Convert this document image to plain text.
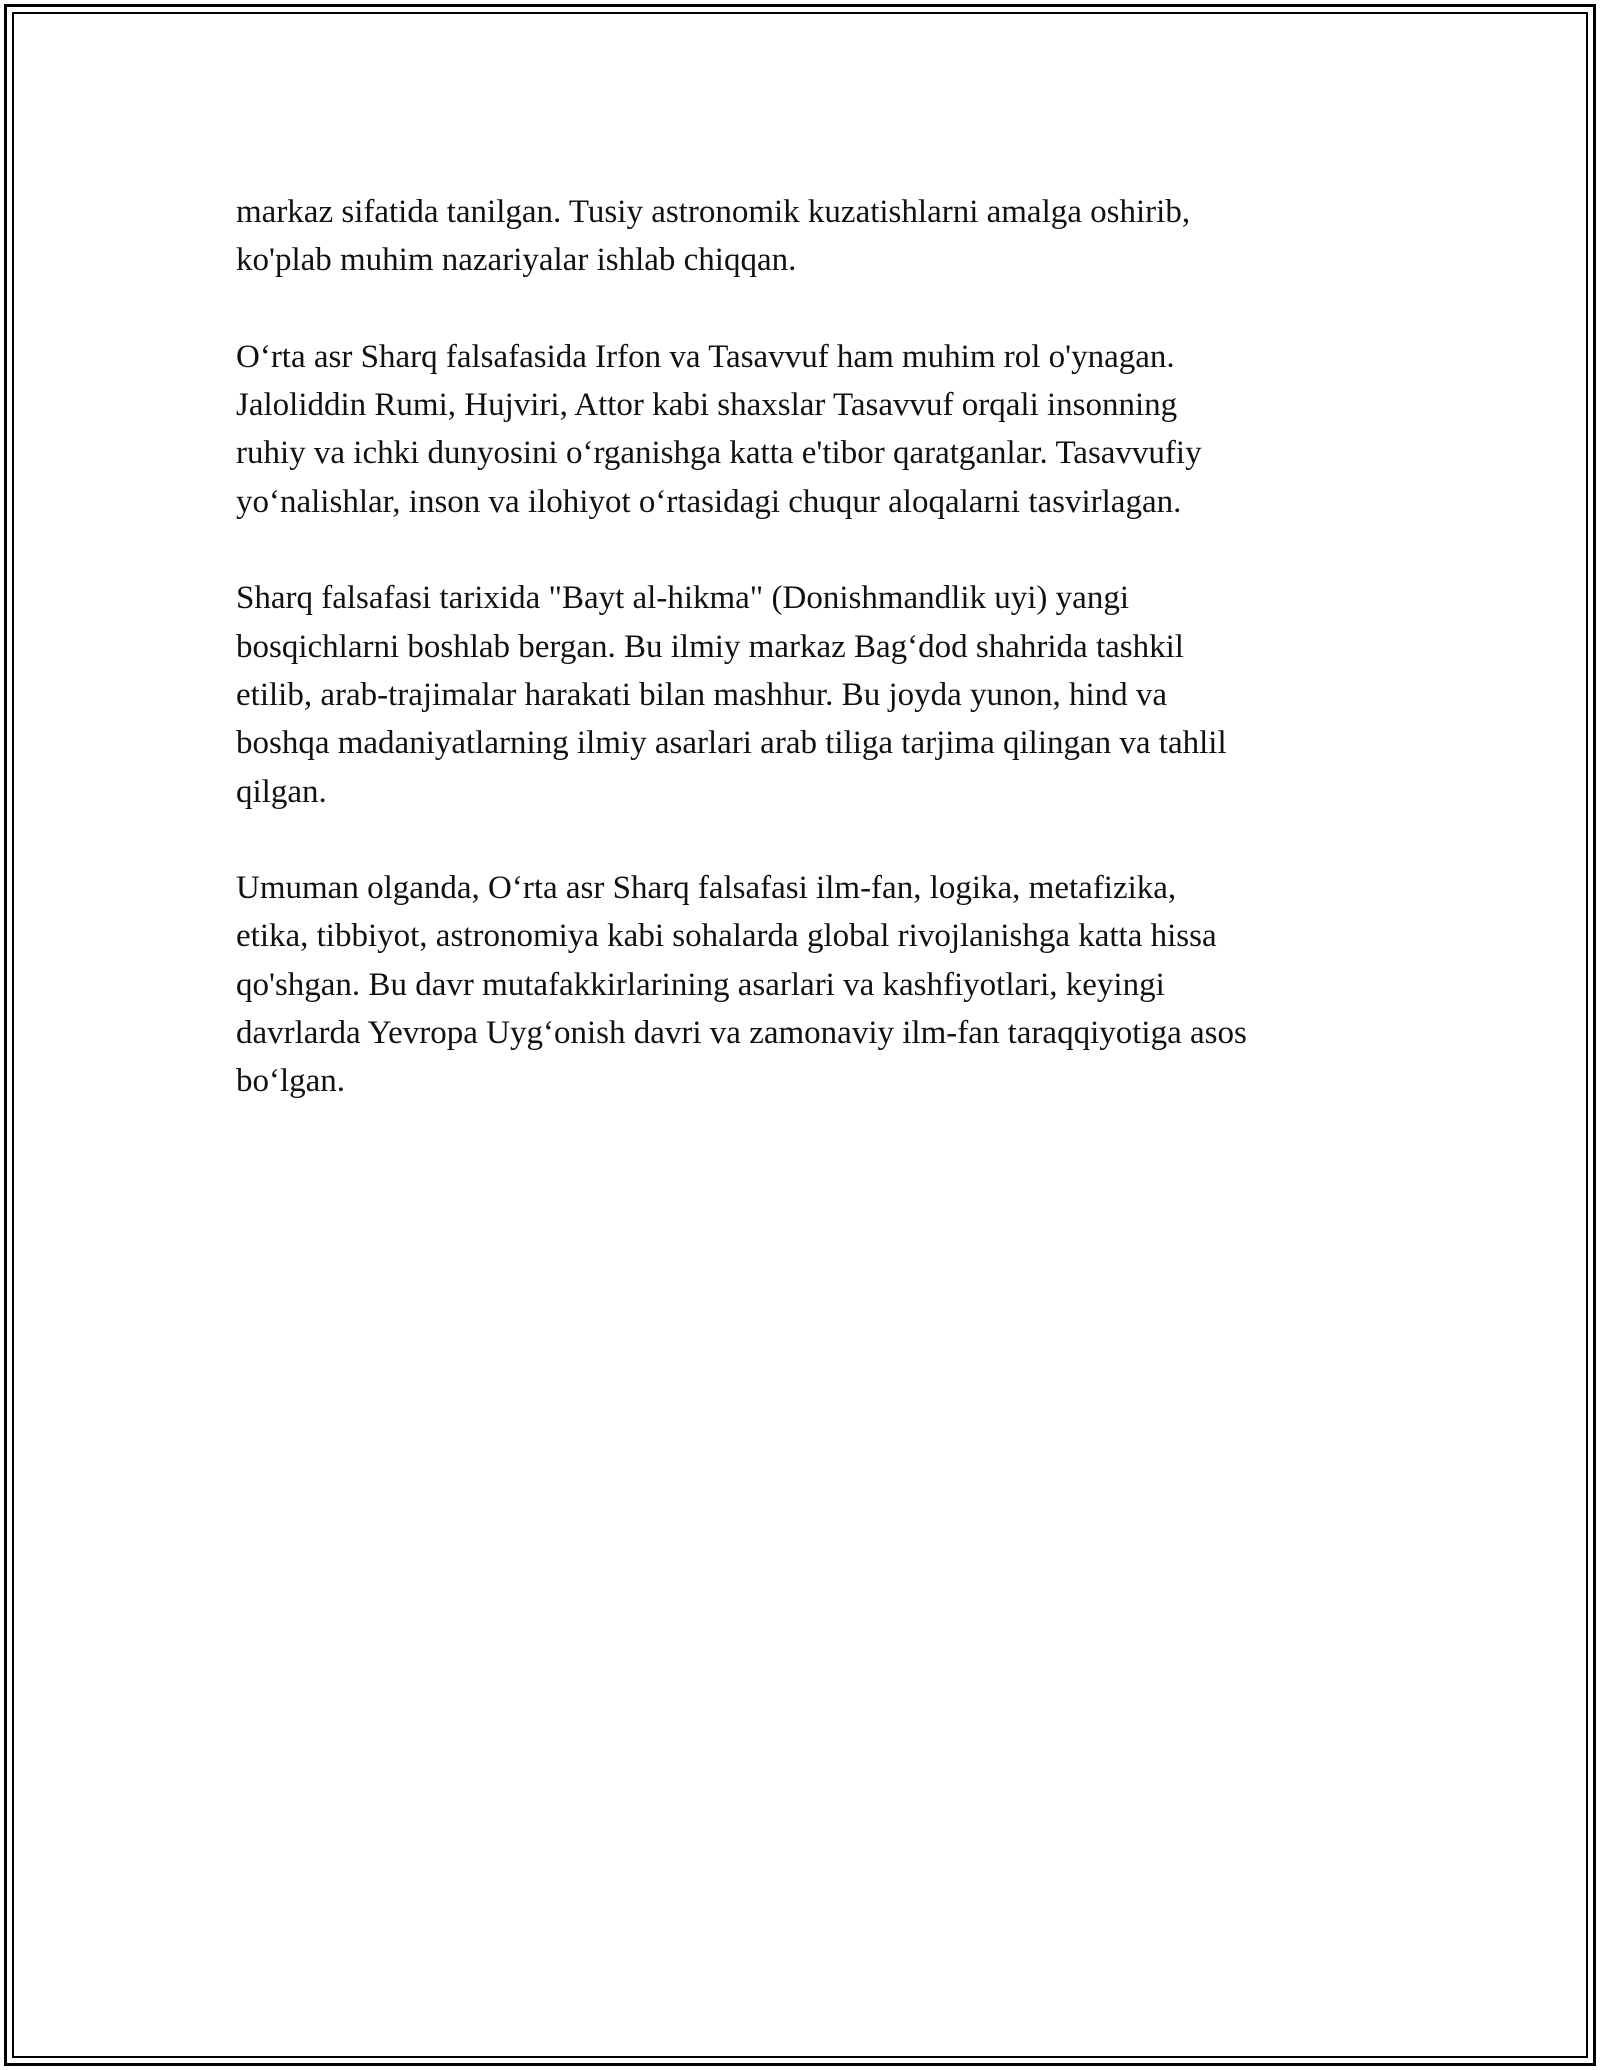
markaz sifatida tanilgan. Tusiy astronomik kuzatishlarni amalga oshirib,
ko'plab muhim nazariyalar ishlab chiqqan.

O‘rta asr Sharq falsafasida Irfon va Tasavvuf ham muhim rol o'ynagan.
Jaloliddin Rumi, Hujviri, Attor kabi shaxslar Tasavvuf orqali insonning
ruhiy va ichki dunyosini o‘rganishga katta e'tibor qaratganlar. Tasavvufiy
yo‘nalishlar, inson va ilohiyot o‘rtasidagi chuqur aloqalarni tasvirlagan.

Sharq falsafasi tarixida "Bayt al-hikma" (Donishmandlik uyi) yangi
bosqichlarni boshlab bergan. Bu ilmiy markaz Bag‘dod shahrida tashkil
etilib, arab-trajimalar harakati bilan mashhur. Bu joyda yunon, hind va
boshqa madaniyatlarning ilmiy asarlari arab tiliga tarjima qilingan va tahlil
qilgan.

Umuman olganda, O‘rta asr Sharq falsafasi ilm-fan, logika, metafizika,
etika, tibbiyot, astronomiya kabi sohalarda global rivojlanishga katta hissa
qo'shgan. Bu davr mutafakkirlarining asarlari va kashfiyotlari, keyingi
davrlarda Yevropa Uyg‘onish davri va zamonaviy ilm-fan taraqqiyotiga asos
bo‘lgan.
